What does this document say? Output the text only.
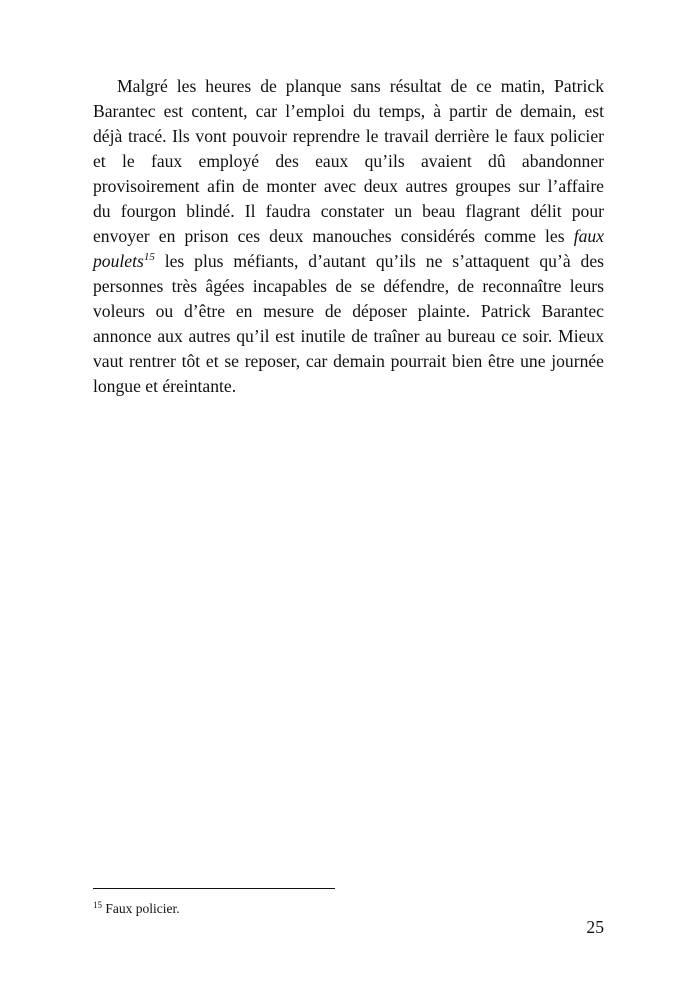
Malgré les heures de planque sans résultat de ce matin, Patrick
Barantec est content, car l’emploi du temps, à partir de demain, est
déjà tracé. Ils vont pouvoir reprendre le travail derrière le faux policier
et le faux employé des eaux qu’ils avaient dû abandonner
provisoirement afin de monter avec deux autres groupes sur l’affaire
du fourgon blindé. Il faudra constater un beau flagrant délit pour
envoyer en prison ces deux manouches considérés comme les faux
poulets$^{15}$ les plus méfiants, d’autant qu’ils ne s’attaquent qu’à des
personnes très âgées incapables de se défendre, de reconnaître leurs
voleurs ou d’être en mesure de déposer plainte. Patrick Barantec
annonce aux autres qu’il est inutile de traîner au bureau ce soir. Mieux
vaut rentrer tôt et se reposer, car demain pourrait bien être une journée
longue et éreintante.
$^{15}$ Faux policier.
25
